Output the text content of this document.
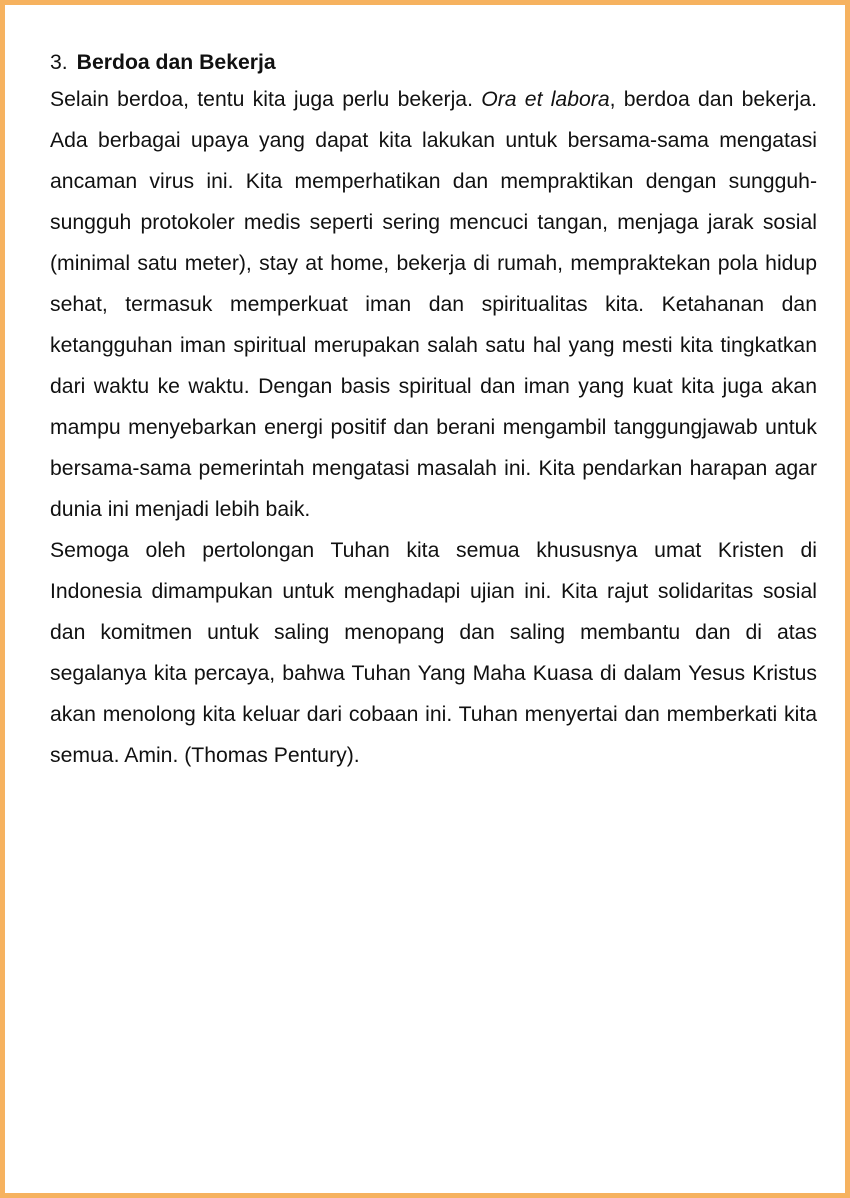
3. Berdoa dan Bekerja

Selain berdoa, tentu kita juga perlu bekerja. Ora et labora, berdoa dan bekerja. Ada berbagai upaya yang dapat kita lakukan untuk bersama-sama mengatasi ancaman virus ini. Kita memperhatikan dan mempraktikan dengan sungguh-sungguh protokoler medis seperti sering mencuci tangan, menjaga jarak sosial (minimal satu meter), stay at home, bekerja di rumah, mempraktekan pola hidup sehat, termasuk memperkuat iman dan spiritualitas kita. Ketahanan dan ketangguhan iman spiritual merupakan salah satu hal yang mesti kita tingkatkan dari waktu ke waktu. Dengan basis spiritual dan iman yang kuat kita juga akan mampu menyebarkan energi positif dan berani mengambil tanggungjawab untuk bersama-sama pemerintah mengatasi masalah ini. Kita pendarkan harapan agar dunia ini menjadi lebih baik.

Semoga oleh pertolongan Tuhan kita semua khususnya umat Kristen di Indonesia dimampukan untuk menghadapi ujian ini. Kita rajut solidaritas sosial dan komitmen untuk saling menopang dan saling membantu dan di atas segalanya kita percaya, bahwa Tuhan Yang Maha Kuasa di dalam Yesus Kristus akan menolong kita keluar dari cobaan ini. Tuhan menyertai dan memberkati kita semua. Amin. (Thomas Pentury).
